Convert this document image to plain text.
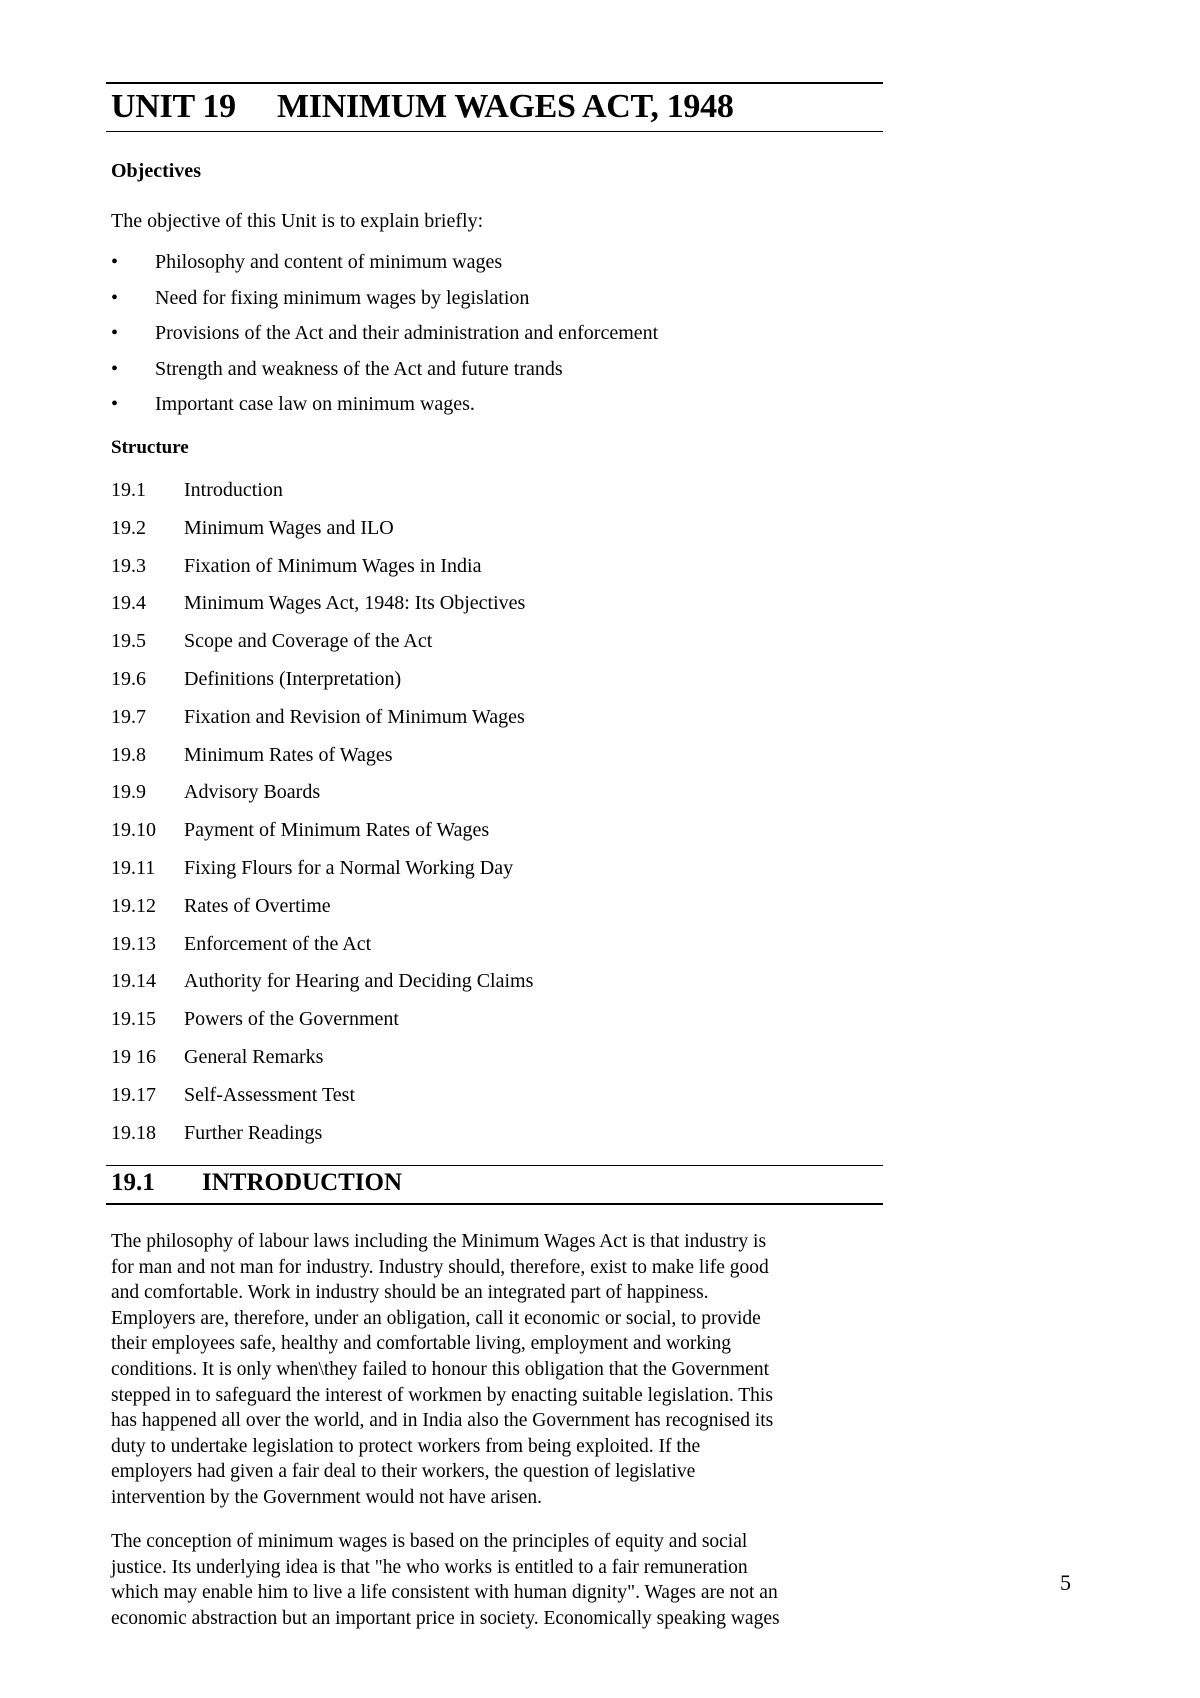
UNIT 19 MINIMUM WAGES ACT, 1948
Objectives
The objective of this Unit is to explain briefly:
•	Philosophy and content of minimum wages
•	Need for fixing minimum wages by legislation
•	Provisions of the Act and their administration and enforcement
•	Strength and weakness of the Act and future trands
•	Important case law on minimum wages.
Structure
19.1	Introduction
19.2	Minimum Wages and ILO
19.3	Fixation of Minimum Wages in India
19.4	Minimum Wages Act, 1948: Its Objectives
19.5	Scope and Coverage of the Act
19.6	Definitions (Interpretation)
19.7	Fixation and Revision of Minimum Wages
19.8	Minimum Rates of Wages
19.9	Advisory Boards
19.10	Payment of Minimum Rates of Wages
19.11	Fixing Flours for a Normal Working Day
19.12	Rates of Overtime
19.13	Enforcement of the Act
19.14	Authority for Hearing and Deciding Claims
19.15	Powers of the Government
19 16	General Remarks
19.17	Self-Assessment Test
19.18	Further Readings
19.1 INTRODUCTION
The philosophy of labour laws including the Minimum Wages Act is that industry is
for man and not man for industry. Industry should, therefore, exist to make life good
and comfortable. Work in industry should be an integrated part of happiness.
Employers are, therefore, under an obligation, call it economic or social, to provide
their employees safe, healthy and comfortable living, employment and working
conditions. It is only when\they failed to honour this obligation that the Government
stepped in to safeguard the interest of workmen by enacting suitable legislation. This
has happened all over the world, and in India also the Government has recognised its
duty to undertake legislation to protect workers from being exploited. If the
employers had given a fair deal to their workers, the question of legislative
intervention by the Government would not have arisen.
The conception of minimum wages is based on the principles of equity and social
justice. Its underlying idea is that "he who works is entitled to a fair remuneration
which may enable him to live a life consistent with human dignity". Wages are not an
economic abstraction but an important price in society. Economically speaking wages
5
